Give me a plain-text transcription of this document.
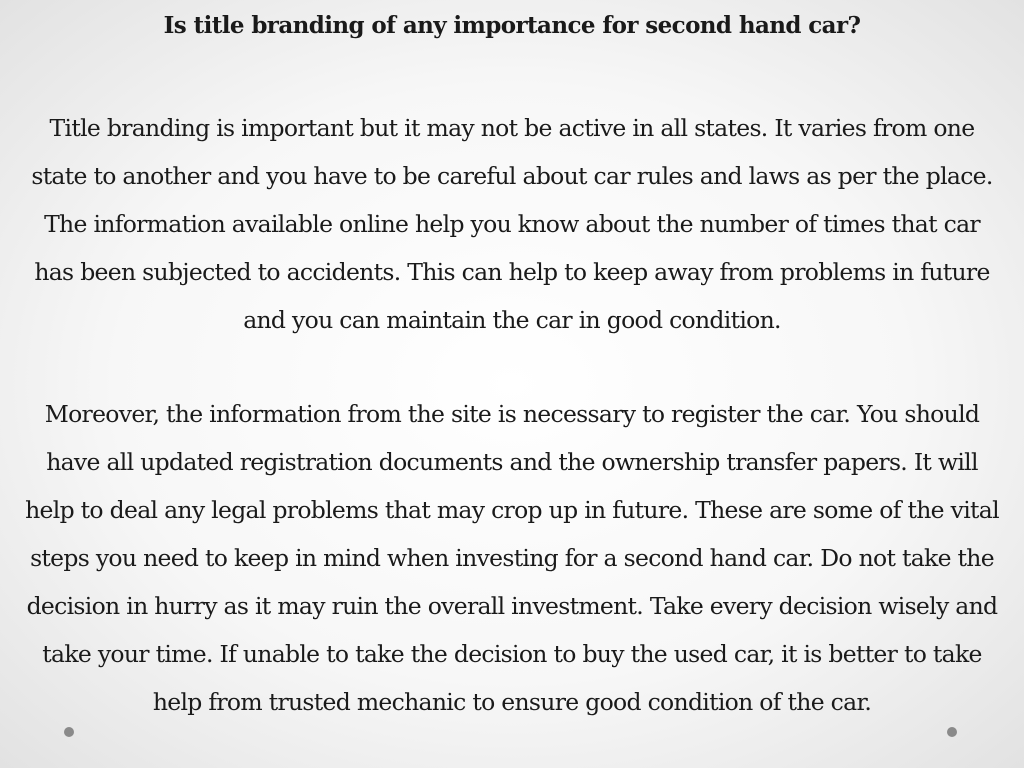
Is title branding of any importance for second hand car?

Title branding is important but it may not be active in all states. It varies from one state to another and you have to be careful about car rules and laws as per the place. The information available online help you know about the number of times that car has been subjected to accidents. This can help to keep away from problems in future and you can maintain the car in good condition.

Moreover, the information from the site is necessary to register the car. You should have all updated registration documents and the ownership transfer papers. It will help to deal any legal problems that may crop up in future. These are some of the vital steps you need to keep in mind when investing for a second hand car. Do not take the decision in hurry as it may ruin the overall investment. Take every decision wisely and take your time. If unable to take the decision to buy the used car, it is better to take help from trusted mechanic to ensure good condition of the car.
